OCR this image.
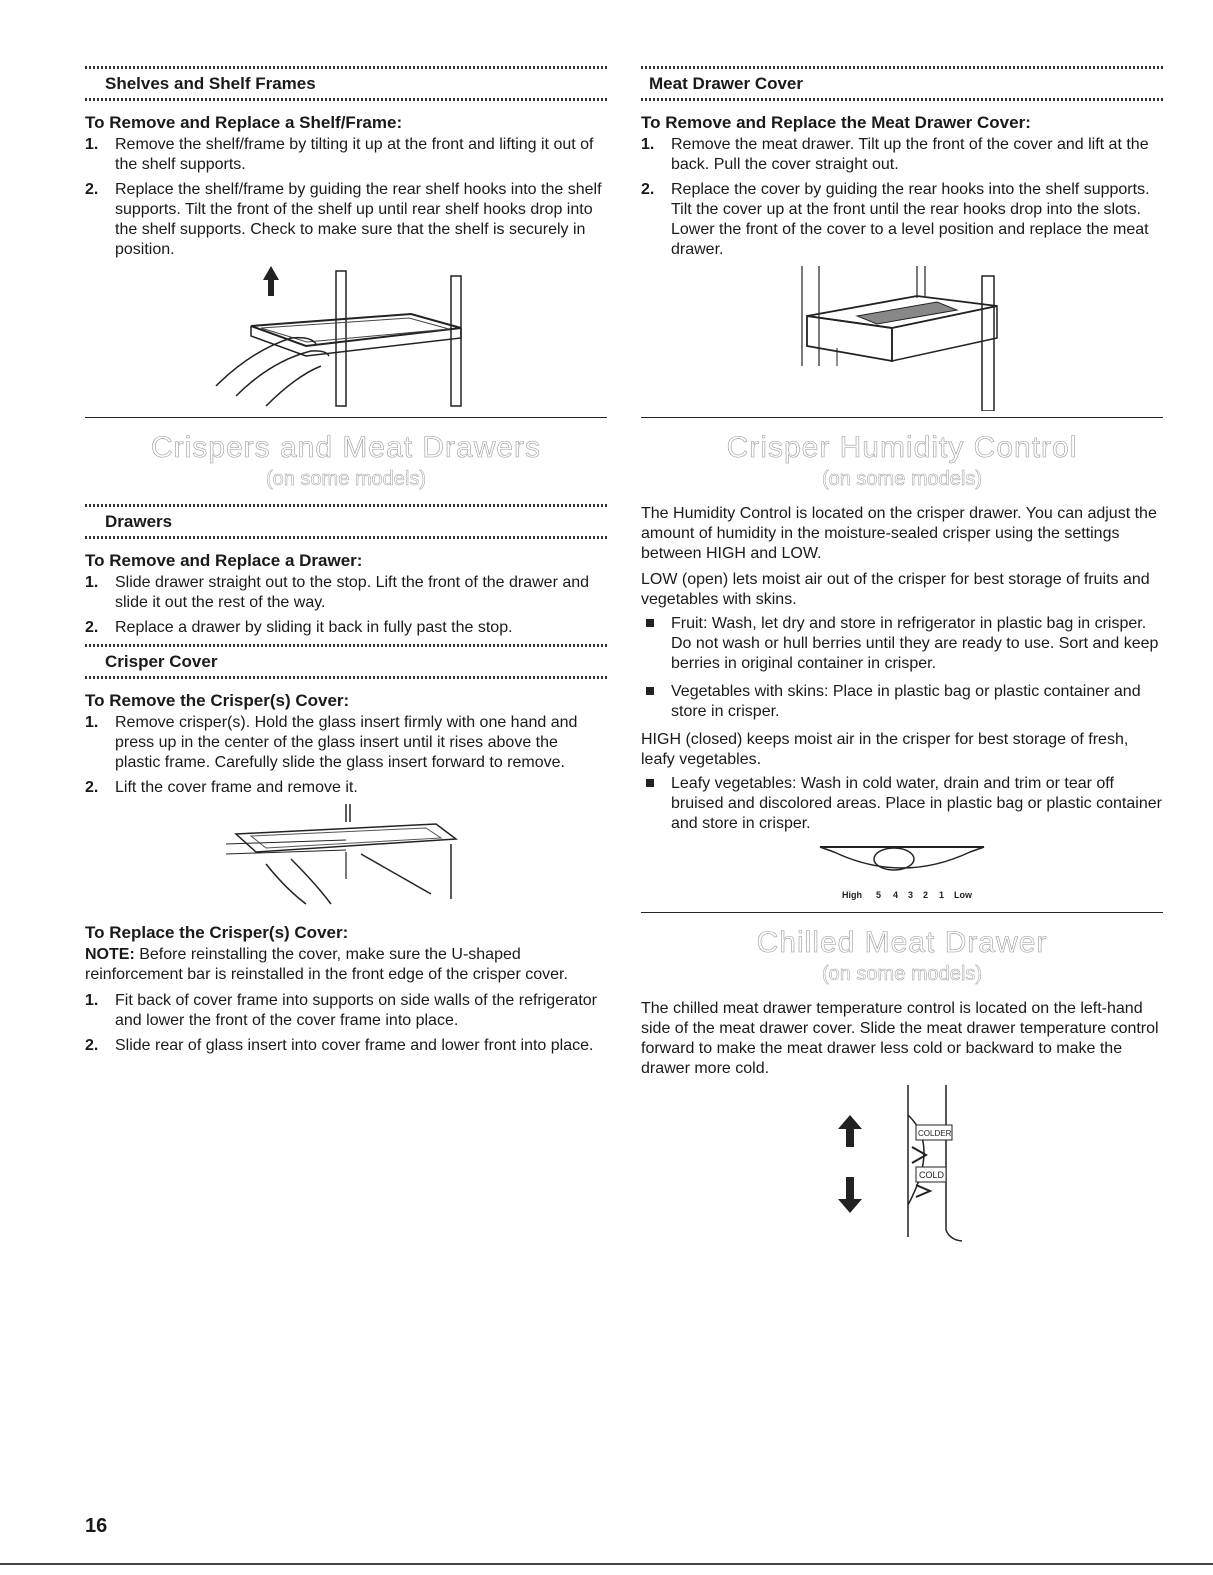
Shelves and Shelf Frames
To Remove and Replace a Shelf/Frame:
1. Remove the shelf/frame by tilting it up at the front and lifting it out of the shelf supports.
2. Replace the shelf/frame by guiding the rear shelf hooks into the shelf supports. Tilt the front of the shelf up until rear shelf hooks drop into the shelf supports. Check to make sure that the shelf is securely in position.
Crispers and Meat Drawers
(on some models)
Drawers
To Remove and Replace a Drawer:
1. Slide drawer straight out to the stop. Lift the front of the drawer and slide it out the rest of the way.
2. Replace a drawer by sliding it back in fully past the stop.
Crisper Cover
To Remove the Crisper(s) Cover:
1. Remove crisper(s). Hold the glass insert firmly with one hand and press up in the center of the glass insert until it rises above the plastic frame. Carefully slide the glass insert forward to remove.
2. Lift the cover frame and remove it.
To Replace the Crisper(s) Cover:

NOTE: Before reinstalling the cover, make sure the U-shaped reinforcement bar is reinstalled in the front edge of the crisper cover.

1. Fit back of cover frame into supports on side walls of the refrigerator and lower the front of the cover frame into place.
2. Slide rear of glass insert into cover frame and lower front into place.
Meat Drawer Cover
To Remove and Replace the Meat Drawer Cover:
1. Remove the meat drawer. Tilt up the front of the cover and lift at the back. Pull the cover straight out.
2. Replace the cover by guiding the rear hooks into the shelf supports. Tilt the cover up at the front until the rear hooks drop into the slots. Lower the front of the cover to a level position and replace the meat drawer.
Crisper Humidity Control
(on some models)

The Humidity Control is located on the crisper drawer. You can adjust the amount of humidity in the moisture-sealed crisper using the settings between HIGH and LOW.

LOW (open) lets moist air out of the crisper for best storage of fruits and vegetables with skins.

Fruit: Wash, let dry and store in refrigerator in plastic bag in crisper. Do not wash or hull berries until they are ready to use. Sort and keep berries in original container in crisper.
Vegetables with skins: Place in plastic bag or plastic container and store in crisper.

HIGH (closed) keeps moist air in the crisper for best storage of fresh, leafy vegetables.

Leafy vegetables: Wash in cold water, drain and trim or tear off bruised and discolored areas. Place in plastic bag or plastic container and store in crisper.
High 5 4 3 2 1 Low
Chilled Meat Drawer
(on some models)

The chilled meat drawer temperature control is located on the left-hand side of the meat drawer cover. Slide the meat drawer temperature control forward to make the meat drawer less cold or backward to make the drawer more cold.

COLDER
COLD
16
